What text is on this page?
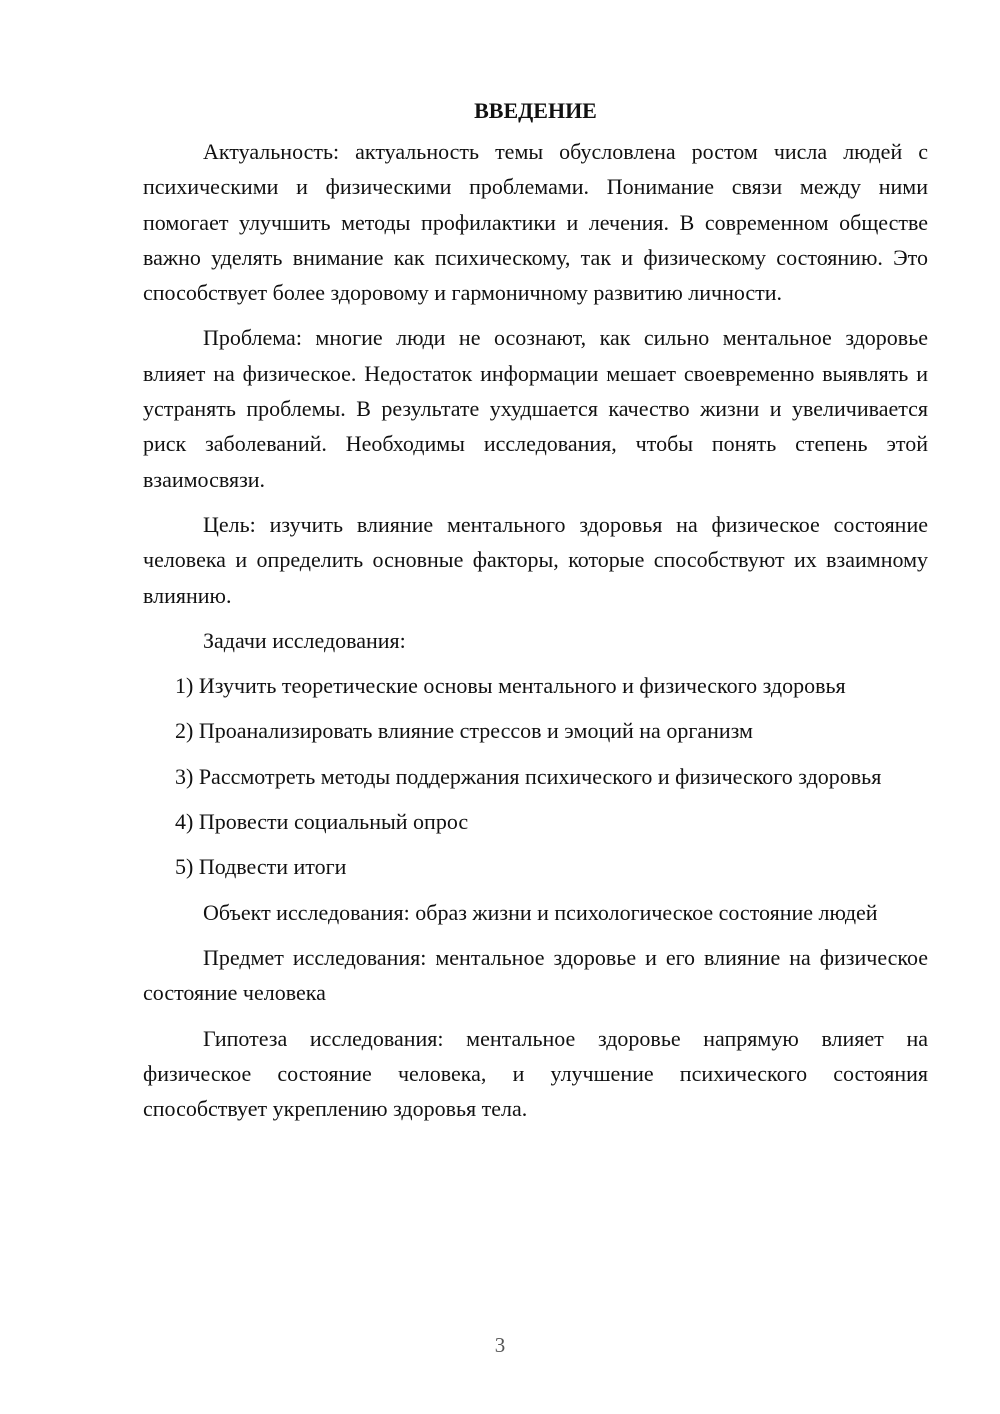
ВВЕДЕНИЕ

Актуальность: актуальность темы обусловлена ростом числа людей с психическими и физическими проблемами. Понимание связи между ними помогает улучшить методы профилактики и лечения. В современном обществе важно уделять внимание как психическому, так и физическому состоянию. Это способствует более здоровому и гармоничному развитию личности.

Проблема: многие люди не осознают, как сильно ментальное здоровье влияет на физическое. Недостаток информации мешает своевременно выявлять и устранять проблемы. В результате ухудшается качество жизни и увеличивается риск заболеваний. Необходимы исследования, чтобы понять степень этой взаимосвязи.

Цель: изучить влияние ментального здоровья на физическое состояние человека и определить основные факторы, которые способствуют их взаимному влиянию.

Задачи исследования:

1) Изучить теоретические основы ментального и физического здоровья

2) Проанализировать влияние стрессов и эмоций на организм

3) Рассмотреть методы поддержания психического и физического здоровья

4) Провести социальный опрос

5) Подвести итоги

Объект исследования: образ жизни и психологическое состояние людей

Предмет исследования: ментальное здоровье и его влияние на физическое состояние человека

Гипотеза исследования: ментальное здоровье напрямую влияет на физическое состояние человека, и улучшение психического состояния способствует укреплению здоровья тела.

3
